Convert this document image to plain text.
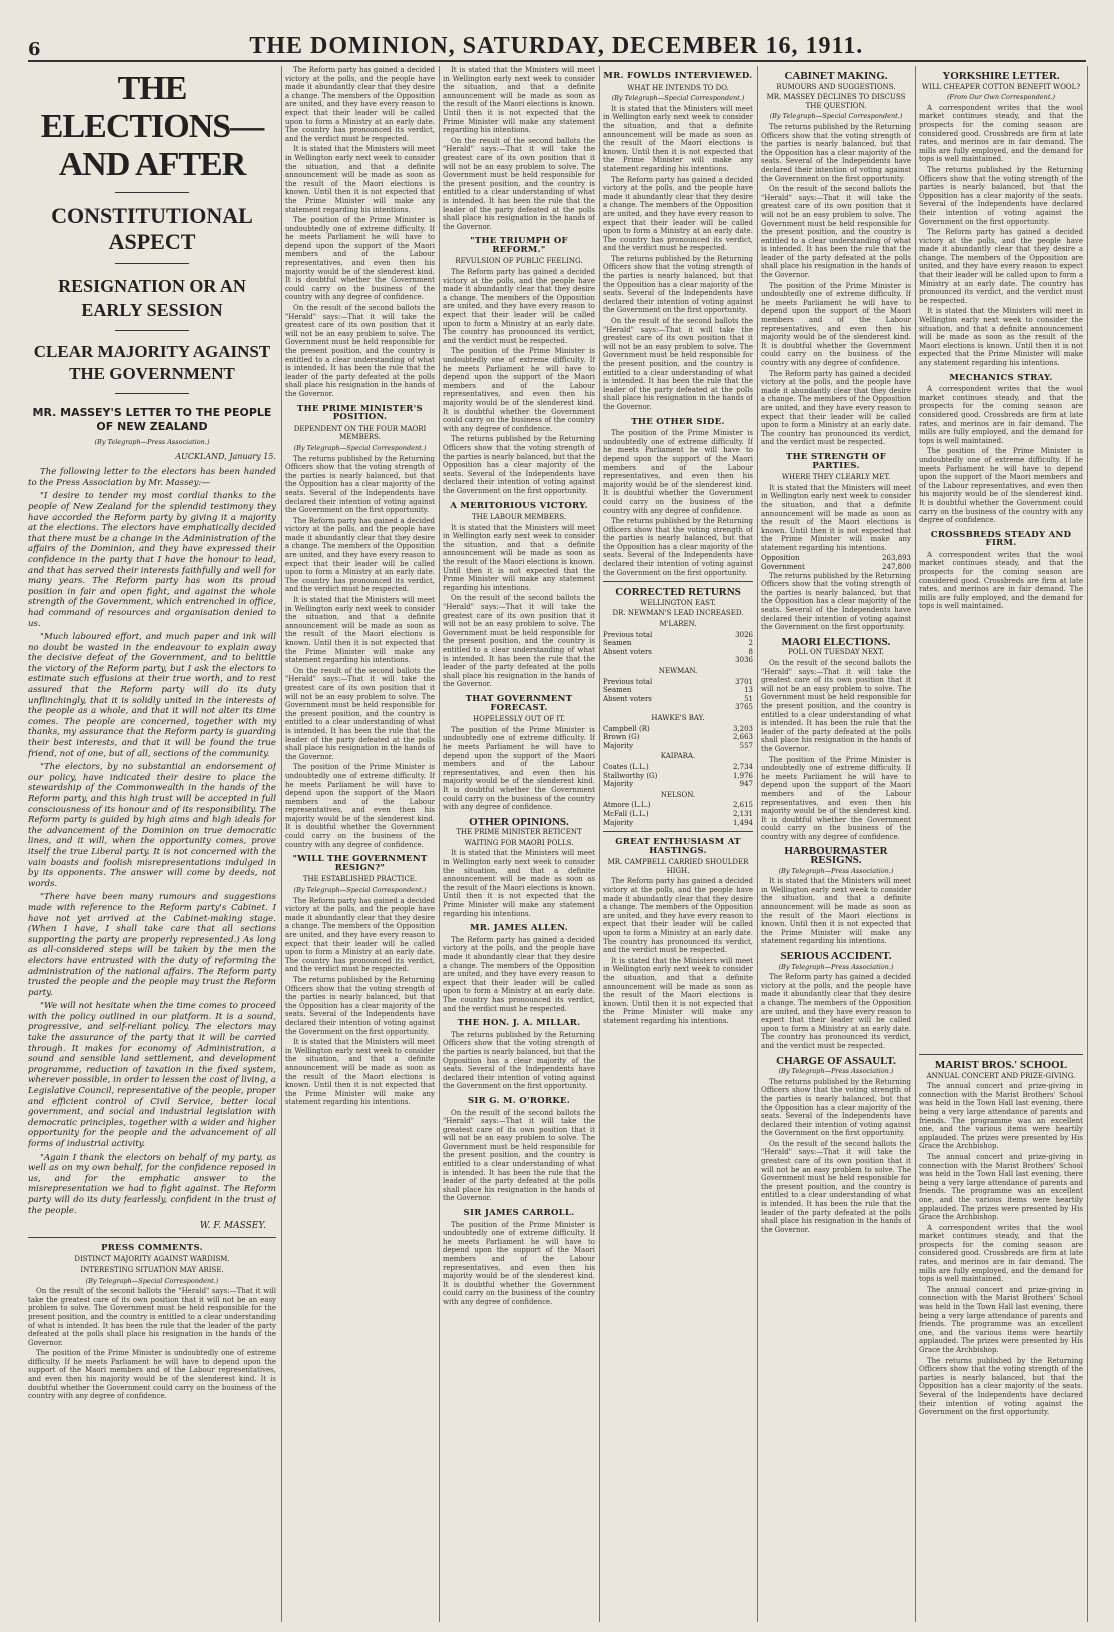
6	THE DOMINION, SATURDAY, DECEMBER 16, 1911.
THE ELECTIONS—AND AFTER
CONSTITUTIONAL ASPECT
RESIGNATION OR AN EARLY SESSION
CLEAR MAJORITY AGAINST THE GOVERNMENT
MR. MASSEY'S LETTER TO THE PEOPLE OF NEW ZEALAND
(By Telegraph—Press Association.)
AUCKLAND, January 15.

The following letter to the electors has been handed to the Press Association by Mr. Massey:—

"I desire to tender my most cordial thanks to the people of New Zealand for the splendid testimony they have accorded the Reform party by giving it a majority at the elections. The electors have emphatically decided that there must be a change in the Administration of the affairs of the Dominion, and they have expressed their confidence in the party that I have the honour to lead, and that has served their interests faithfully and well for many years. The Reform party has won its proud position in fair and open fight, and against the whole strength of the Government, which entrenched in office, had command of resources and organisation denied to us.

"Much laboured effort, and much paper and ink will no doubt be wasted in the endeavour to explain away the decisive defeat of the Government, and to belittle the victory of the Reform party, but I ask the electors to estimate such effusions at their true worth, and to rest assured that the Reform party will do its duty unflinchingly, that it is solidly united in the interests of the people as a whole, and that it will not alter its time comes. The people are concerned, together with my thanks, my assurance that the Reform party is guarding their best interests, and that it will be found the true friend, not of one, but of all, sections of the community.

"The electors, by no substantial an endorsement of our policy, have indicated their desire to place the stewardship of the Commonwealth in the hands of the Reform party, and this high trust will be accepted in full consciousness of its honour and of its responsibility. The Reform party is guided by high aims and high ideals for the advancement of the Dominion on true democratic lines, and it will, when the opportunity comes, prove itself the true Liberal party. It is not concerned with the vain boasts and foolish misrepresentations indulged in by its opponents. The answer will come by deeds, not words.

"There have been many rumours and suggestions made with reference to the Reform party's Cabinet. I have not yet arrived at the Cabinet-making stage. (When I have, I shall take care that all sections supporting the party are properly represented.) As long as all-considered steps will be taken by the men the electors have entrusted with the duty of reforming the administration of the national affairs. The Reform party trusted the people and the people may trust the Reform party.

"We will not hesitate when the time comes to proceed with the policy outlined in our platform. It is a sound, progressive, and self-reliant policy. The electors may take the assurance of the party that it will be carried through. It makes for economy of Administration, a sound and sensible land settlement, and development programme, reduction of taxation in the fixed system, wherever possible, in order to lessen the cost of living, a Legislative Council, representative of the people, proper and efficient control of Civil Service, better local government, and social and industrial legislation with democratic principles, together with a wider and higher opportunity for the people and the advancement of all forms of industrial activity.

"Again I thank the electors on behalf of my party, as well as on my own behalf, for the confidence reposed in us, and for the emphatic answer to the misrepresentation we had to fight against. The Reform party will do its duty fearlessly, confident in the trust of the people.

W. F. MASSEY.
PRESS COMMENTS.
DISTINCT MAJORITY AGAINST WARDISM.
INTERESTING SITUATION MAY ARISE.
(By Telegraph—Special Correspondent.)

On the result of the second ballots the "Herald" says:—That it will take the greatest care of its own position that it will not be an easy problem to solve. The Government must be held responsible for the present position, and the country is entitled to a clear understanding of what is intended. It has been the rule that the leader of the party defeated at the polls shall place his resignation in the hands of the Governor.

The position of the Prime Minister is undoubtedly one of extreme difficulty. If he meets Parliament he will have to depend upon the support of the Maori members and of the Labour representatives, and even then his majority would be of the slenderest kind. It is doubtful whether the Government could carry on the business of the country with any degree of confidence.

The Reform party has gained a decided victory at the polls, and the people have made it abundantly clear that they desire a change. The members of the Opposition are united, and they have every reason to expect that their leader will be called upon to form a Ministry at an early date. The country has pronounced its verdict, and the verdict must be respected.

It is stated that the Ministers will meet in Wellington early next week to consider the situation, and that a definite announcement will be made as soon as the result of the Maori elections is known. Until then it is not expected that the Prime Minister will make any statement regarding his intentions.

The position of the Prime Minister is undoubtedly one of extreme difficulty. If he meets Parliament he will have to depend upon the support of the Maori members and of the Labour representatives, and even then his majority would be of the slenderest kind. It is doubtful whether the Government could carry on the business of the country with any degree of confidence.

On the result of the second ballots the "Herald" says:—That it will take the greatest care of its own position that it will not be an easy problem to solve. The Government must be held responsible for the present position, and the country is entitled to a clear understanding of what is intended. It has been the rule that the leader of the party defeated at the polls shall place his resignation in the hands of the Governor.

THE PRIME MINISTER'S POSITION.
DEPENDENT ON THE FOUR MAORI MEMBERS.
(By Telegraph—Special Correspondent.)

The returns published by the Returning Officers show that the voting strength of the parties is nearly balanced, but that the Opposition has a clear majority of the seats. Several of the Independents have declared their intention of voting against the Government on the first opportunity.

The Reform party has gained a decided victory at the polls, and the people have made it abundantly clear that they desire a change. The members of the Opposition are united, and they have every reason to expect that their leader will be called upon to form a Ministry at an early date. The country has pronounced its verdict, and the verdict must be respected.

It is stated that the Ministers will meet in Wellington early next week to consider the situation, and that a definite announcement will be made as soon as the result of the Maori elections is known. Until then it is not expected that the Prime Minister will make any statement regarding his intentions.

On the result of the second ballots the "Herald" says:—That it will take the greatest care of its own position that it will not be an easy problem to solve. The Government must be held responsible for the present position, and the country is entitled to a clear understanding of what is intended. It has been the rule that the leader of the party defeated at the polls shall place his resignation in the hands of the Governor.

The position of the Prime Minister is undoubtedly one of extreme difficulty. If he meets Parliament he will have to depend upon the support of the Maori members and of the Labour representatives, and even then his majority would be of the slenderest kind. It is doubtful whether the Government could carry on the business of the country with any degree of confidence.

"WILL THE GOVERNMENT RESIGN?"
THE ESTABLISHED PRACTICE.
(By Telegraph—Special Correspondent.)

The Reform party has gained a decided victory at the polls, and the people have made it abundantly clear that they desire a change. The members of the Opposition are united, and they have every reason to expect that their leader will be called upon to form a Ministry at an early date. The country has pronounced its verdict, and the verdict must be respected.

The returns published by the Returning Officers show that the voting strength of the parties is nearly balanced, but that the Opposition has a clear majority of the seats. Several of the Independents have declared their intention of voting against the Government on the first opportunity.

It is stated that the Ministers will meet in Wellington early next week to consider the situation, and that a definite announcement will be made as soon as the result of the Maori elections is known. Until then it is not expected that the Prime Minister will make any statement regarding his intentions.

It is stated that the Ministers will meet in Wellington early next week to consider the situation, and that a definite announcement will be made as soon as the result of the Maori elections is known. Until then it is not expected that the Prime Minister will make any statement regarding his intentions.

On the result of the second ballots the "Herald" says:—That it will take the greatest care of its own position that it will not be an easy problem to solve. The Government must be held responsible for the present position, and the country is entitled to a clear understanding of what is intended. It has been the rule that the leader of the party defeated at the polls shall place his resignation in the hands of the Governor.

"THE TRIUMPH OF REFORM."
REVULSION OF PUBLIC FEELING.

The Reform party has gained a decided victory at the polls, and the people have made it abundantly clear that they desire a change. The members of the Opposition are united, and they have every reason to expect that their leader will be called upon to form a Ministry at an early date. The country has pronounced its verdict, and the verdict must be respected.

The position of the Prime Minister is undoubtedly one of extreme difficulty. If he meets Parliament he will have to depend upon the support of the Maori members and of the Labour representatives, and even then his majority would be of the slenderest kind. It is doubtful whether the Government could carry on the business of the country with any degree of confidence.

The returns published by the Returning Officers show that the voting strength of the parties is nearly balanced, but that the Opposition has a clear majority of the seats. Several of the Independents have declared their intention of voting against the Government on the first opportunity.

A MERITORIOUS VICTORY.
THE LABOUR MEMBERS.

It is stated that the Ministers will meet in Wellington early next week to consider the situation, and that a definite announcement will be made as soon as the result of the Maori elections is known. Until then it is not expected that the Prime Minister will make any statement regarding his intentions.

On the result of the second ballots the "Herald" says:—That it will take the greatest care of its own position that it will not be an easy problem to solve. The Government must be held responsible for the present position, and the country is entitled to a clear understanding of what is intended. It has been the rule that the leader of the party defeated at the polls shall place his resignation in the hands of the Governor.

THAT GOVERNMENT FORECAST.
HOPELESSLY OUT OF IT.

The position of the Prime Minister is undoubtedly one of extreme difficulty. If he meets Parliament he will have to depend upon the support of the Maori members and of the Labour representatives, and even then his majority would be of the slenderest kind. It is doubtful whether the Government could carry on the business of the country with any degree of confidence.

OTHER OPINIONS.
THE PRIME MINISTER RETICENT
WAITING FOR MAORI POLLS.

It is stated that the Ministers will meet in Wellington early next week to consider the situation, and that a definite announcement will be made as soon as the result of the Maori elections is known. Until then it is not expected that the Prime Minister will make any statement regarding his intentions.

MR. JAMES ALLEN.

The Reform party has gained a decided victory at the polls, and the people have made it abundantly clear that they desire a change. The members of the Opposition are united, and they have every reason to expect that their leader will be called upon to form a Ministry at an early date. The country has pronounced its verdict, and the verdict must be respected.

THE HON. J. A. MILLAR.

The returns published by the Returning Officers show that the voting strength of the parties is nearly balanced, but that the Opposition has a clear majority of the seats. Several of the Independents have declared their intention of voting against the Government on the first opportunity.

SIR G. M. O'RORKE.

On the result of the second ballots the "Herald" says:—That it will take the greatest care of its own position that it will not be an easy problem to solve. The Government must be held responsible for the present position, and the country is entitled to a clear understanding of what is intended. It has been the rule that the leader of the party defeated at the polls shall place his resignation in the hands of the Governor.

SIR JAMES CARROLL.

The position of the Prime Minister is undoubtedly one of extreme difficulty. If he meets Parliament he will have to depend upon the support of the Maori members and of the Labour representatives, and even then his majority would be of the slenderest kind. It is doubtful whether the Government could carry on the business of the country with any degree of confidence.

MR. FOWLDS INTERVIEWED.
WHAT HE INTENDS TO DO.
(By Telegraph—Special Correspondent.)

It is stated that the Ministers will meet in Wellington early next week to consider the situation, and that a definite announcement will be made as soon as the result of the Maori elections is known. Until then it is not expected that the Prime Minister will make any statement regarding his intentions.

The Reform party has gained a decided victory at the polls, and the people have made it abundantly clear that they desire a change. The members of the Opposition are united, and they have every reason to expect that their leader will be called upon to form a Ministry at an early date. The country has pronounced its verdict, and the verdict must be respected.

The returns published by the Returning Officers show that the voting strength of the parties is nearly balanced, but that the Opposition has a clear majority of the seats. Several of the Independents have declared their intention of voting against the Government on the first opportunity.

On the result of the second ballots the "Herald" says:—That it will take the greatest care of its own position that it will not be an easy problem to solve. The Government must be held responsible for the present position, and the country is entitled to a clear understanding of what is intended. It has been the rule that the leader of the party defeated at the polls shall place his resignation in the hands of the Governor.

THE OTHER SIDE.

The position of the Prime Minister is undoubtedly one of extreme difficulty. If he meets Parliament he will have to depend upon the support of the Maori members and of the Labour representatives, and even then his majority would be of the slenderest kind. It is doubtful whether the Government could carry on the business of the country with any degree of confidence.

The returns published by the Returning Officers show that the voting strength of the parties is nearly balanced, but that the Opposition has a clear majority of the seats. Several of the Independents have declared their intention of voting against the Government on the first opportunity.

CORRECTED RETURNS
WELLINGTON EAST.
DR. NEWMAN'S LEAD INCREASED.
M'LAREN.
Previous total	3026
Seamen	2
Absent voters	8
	3036
NEWMAN.
Previous total	3701
Seamen	13
Absent voters	51
	3765
HAWKE'S BAY.
Campbell (R)	3,203
Brown (G)	2,663
Majority	557
KAIPARA.
Coates (L.L.)	2,734
Stallworthy (G)	1,976
Majority	947
NELSON.
Atmore (L.L.)	2,615
McFall (L.L.)	2,131
Majority	1,494
GREAT ENTHUSIASM AT HASTINGS.
MR. CAMPBELL CARRIED SHOULDER HIGH.

The Reform party has gained a decided victory at the polls, and the people have made it abundantly clear that they desire a change. The members of the Opposition are united, and they have every reason to expect that their leader will be called upon to form a Ministry at an early date. The country has pronounced its verdict, and the verdict must be respected.

It is stated that the Ministers will meet in Wellington early next week to consider the situation, and that a definite announcement will be made as soon as the result of the Maori elections is known. Until then it is not expected that the Prime Minister will make any statement regarding his intentions.

CABINET MAKING.
RUMOURS AND SUGGESTIONS.
MR. MASSEY DECLINES TO DISCUSS THE QUESTION.
(By Telegraph—Special Correspondent.)

The returns published by the Returning Officers show that the voting strength of the parties is nearly balanced, but that the Opposition has a clear majority of the seats. Several of the Independents have declared their intention of voting against the Government on the first opportunity.

On the result of the second ballots the "Herald" says:—That it will take the greatest care of its own position that it will not be an easy problem to solve. The Government must be held responsible for the present position, and the country is entitled to a clear understanding of what is intended. It has been the rule that the leader of the party defeated at the polls shall place his resignation in the hands of the Governor.

The position of the Prime Minister is undoubtedly one of extreme difficulty. If he meets Parliament he will have to depend upon the support of the Maori members and of the Labour representatives, and even then his majority would be of the slenderest kind. It is doubtful whether the Government could carry on the business of the country with any degree of confidence.

The Reform party has gained a decided victory at the polls, and the people have made it abundantly clear that they desire a change. The members of the Opposition are united, and they have every reason to expect that their leader will be called upon to form a Ministry at an early date. The country has pronounced its verdict, and the verdict must be respected.

THE STRENGTH OF PARTIES.
WHERE THEY CLEARLY MET.

It is stated that the Ministers will meet in Wellington early next week to consider the situation, and that a definite announcement will be made as soon as the result of the Maori elections is known. Until then it is not expected that the Prime Minister will make any statement regarding his intentions.

Opposition	263,893
Government	247,800

The returns published by the Returning Officers show that the voting strength of the parties is nearly balanced, but that the Opposition has a clear majority of the seats. Several of the Independents have declared their intention of voting against the Government on the first opportunity.

MAORI ELECTIONS.
POLL ON TUESDAY NEXT.

On the result of the second ballots the "Herald" says:—That it will take the greatest care of its own position that it will not be an easy problem to solve. The Government must be held responsible for the present position, and the country is entitled to a clear understanding of what is intended. It has been the rule that the leader of the party defeated at the polls shall place his resignation in the hands of the Governor.

The position of the Prime Minister is undoubtedly one of extreme difficulty. If he meets Parliament he will have to depend upon the support of the Maori members and of the Labour representatives, and even then his majority would be of the slenderest kind. It is doubtful whether the Government could carry on the business of the country with any degree of confidence.

HARBOURMASTER RESIGNS.
(By Telegraph—Press Association.)

It is stated that the Ministers will meet in Wellington early next week to consider the situation, and that a definite announcement will be made as soon as the result of the Maori elections is known. Until then it is not expected that the Prime Minister will make any statement regarding his intentions.

SERIOUS ACCIDENT.
(By Telegraph—Press Association.)

The Reform party has gained a decided victory at the polls, and the people have made it abundantly clear that they desire a change. The members of the Opposition are united, and they have every reason to expect that their leader will be called upon to form a Ministry at an early date. The country has pronounced its verdict, and the verdict must be respected.

CHARGE OF ASSAULT.
(By Telegraph—Press Association.)

The returns published by the Returning Officers show that the voting strength of the parties is nearly balanced, but that the Opposition has a clear majority of the seats. Several of the Independents have declared their intention of voting against the Government on the first opportunity.

On the result of the second ballots the "Herald" says:—That it will take the greatest care of its own position that it will not be an easy problem to solve. The Government must be held responsible for the present position, and the country is entitled to a clear understanding of what is intended. It has been the rule that the leader of the party defeated at the polls shall place his resignation in the hands of the Governor.

YORKSHIRE LETTER.
WILL CHEAPER COTTON BENEFIT WOOL?
(From Our Own Correspondent.)

A correspondent writes that the wool market continues steady, and that the prospects for the coming season are considered good. Crossbreds are firm at late rates, and merinos are in fair demand. The mills are fully employed, and the demand for tops is well maintained.

The returns published by the Returning Officers show that the voting strength of the parties is nearly balanced, but that the Opposition has a clear majority of the seats. Several of the Independents have declared their intention of voting against the Government on the first opportunity.

The Reform party has gained a decided victory at the polls, and the people have made it abundantly clear that they desire a change. The members of the Opposition are united, and they have every reason to expect that their leader will be called upon to form a Ministry at an early date. The country has pronounced its verdict, and the verdict must be respected.

It is stated that the Ministers will meet in Wellington early next week to consider the situation, and that a definite announcement will be made as soon as the result of the Maori elections is known. Until then it is not expected that the Prime Minister will make any statement regarding his intentions.

MECHANICS STRAY.

A correspondent writes that the wool market continues steady, and that the prospects for the coming season are considered good. Crossbreds are firm at late rates, and merinos are in fair demand. The mills are fully employed, and the demand for tops is well maintained.

The position of the Prime Minister is undoubtedly one of extreme difficulty. If he meets Parliament he will have to depend upon the support of the Maori members and of the Labour representatives, and even then his majority would be of the slenderest kind. It is doubtful whether the Government could carry on the business of the country with any degree of confidence.

CROSSBREDS STEADY AND FIRM.

A correspondent writes that the wool market continues steady, and that the prospects for the coming season are considered good. Crossbreds are firm at late rates, and merinos are in fair demand. The mills are fully employed, and the demand for tops is well maintained.

MARIST BROS.' SCHOOL
ANNUAL CONCERT AND PRIZE-GIVING.

The annual concert and prize-giving in connection with the Marist Brothers' School was held in the Town Hall last evening, there being a very large attendance of parents and friends. The programme was an excellent one, and the various items were heartily applauded. The prizes were presented by His Grace the Archbishop.

The annual concert and prize-giving in connection with the Marist Brothers' School was held in the Town Hall last evening, there being a very large attendance of parents and friends. The programme was an excellent one, and the various items were heartily applauded. The prizes were presented by His Grace the Archbishop.

A correspondent writes that the wool market continues steady, and that the prospects for the coming season are considered good. Crossbreds are firm at late rates, and merinos are in fair demand. The mills are fully employed, and the demand for tops is well maintained.

The annual concert and prize-giving in connection with the Marist Brothers' School was held in the Town Hall last evening, there being a very large attendance of parents and friends. The programme was an excellent one, and the various items were heartily applauded. The prizes were presented by His Grace the Archbishop.

The returns published by the Returning Officers show that the voting strength of the parties is nearly balanced, but that the Opposition has a clear majority of the seats. Several of the Independents have declared their intention of voting against the Government on the first opportunity.
